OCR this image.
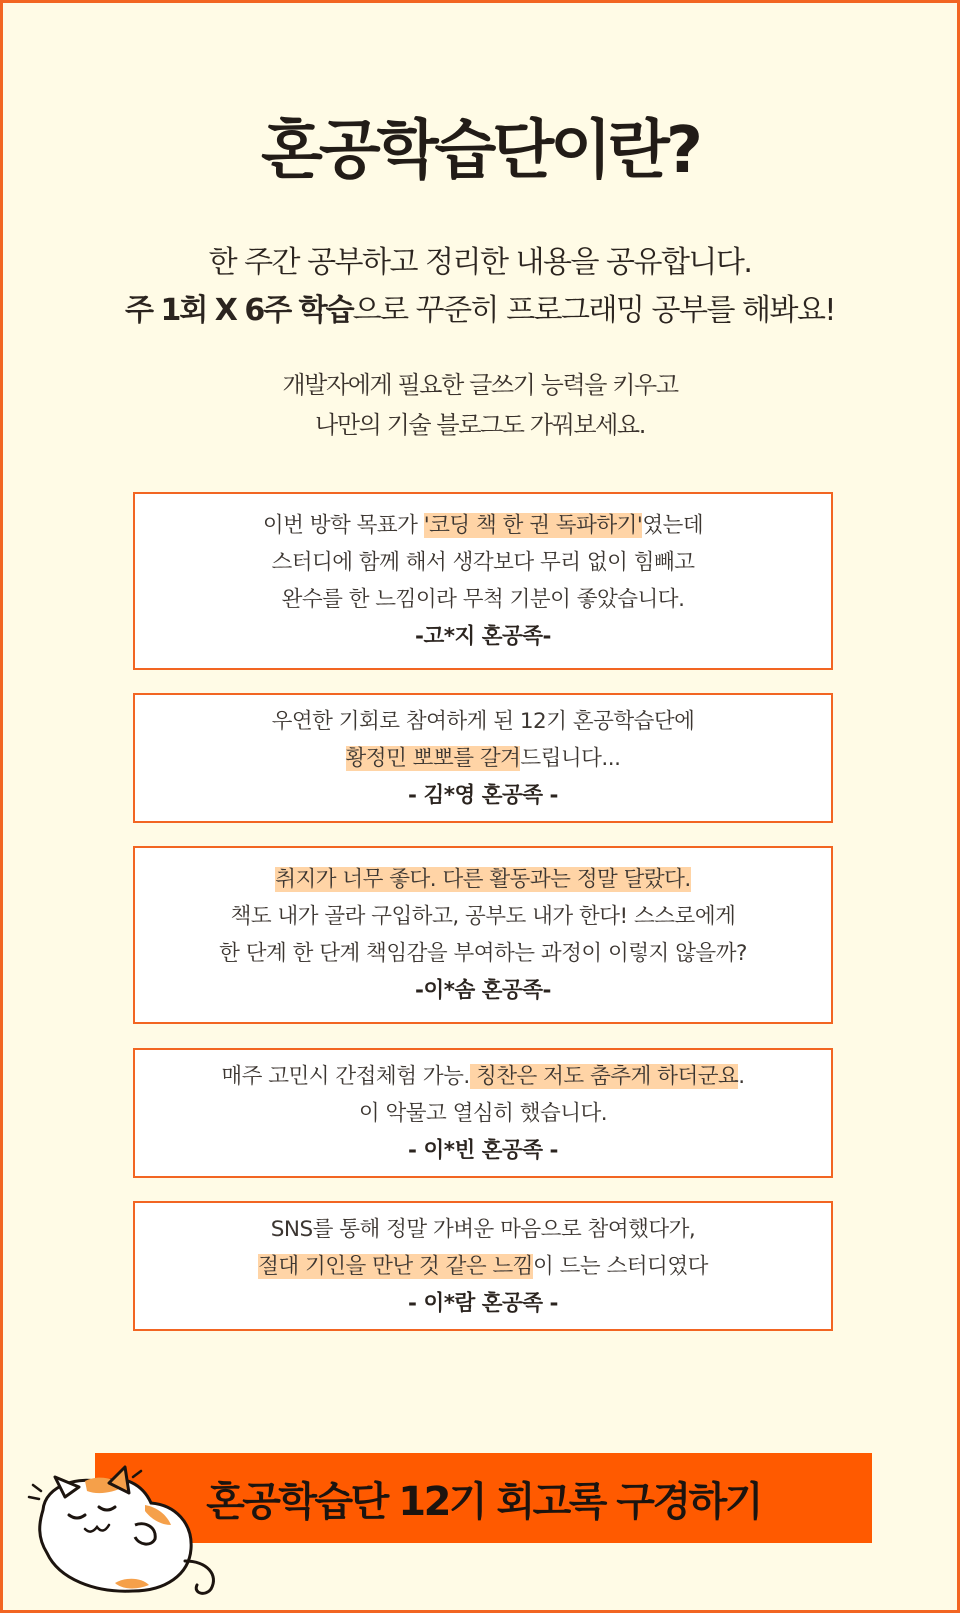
혼공학습단이란?
한 주간 공부하고 정리한 내용을 공유합니다.
주 1회 X 6주 학습으로 꾸준히 프로그래밍 공부를 해봐요!
개발자에게 필요한 글쓰기 능력을 키우고
나만의 기술 블로그도 가꿔보세요.
이번 방학 목표가 '코딩 책 한 권 독파하기'였는데
스터디에 함께 해서 생각보다 무리 없이 힘빼고
완수를 한 느낌이라 무척 기분이 좋았습니다.
-고*지 혼공족-
우연한 기회로 참여하게 된 12기 혼공학습단에
황정민 뽀뽀를 갈겨드립니다...
- 김*영 혼공족 -
취지가 너무 좋다. 다른 활동과는 정말 달랐다.
책도 내가 골라 구입하고, 공부도 내가 한다! 스스로에게
한 단계 한 단계 책임감을 부여하는 과정이 이렇지 않을까?
-이*솜 혼공족-
매주 고민시 간접체험 가능. 칭찬은 저도 춤추게 하더군요.
이 악물고 열심히 했습니다.
- 이*빈 혼공족 -
SNS를 통해 정말 가벼운 마음으로 참여했다가,
절대 기인을 만난 것 같은 느낌이 드는 스터디였다
- 이*람 혼공족 -
혼공학습단 12기 회고록 구경하기
